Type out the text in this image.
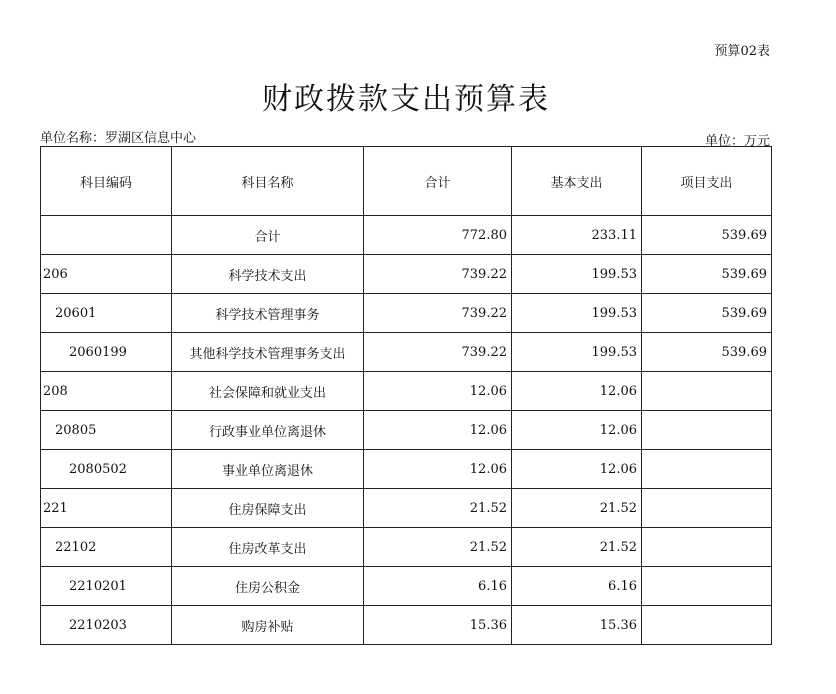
预算02表
财政拨款支出预算表
单位名称：罗湖区信息中心	单位：万元
科目编码	科目名称	合计	基本支出	项目支出
	合计	772.80	233.11	539.69
206	科学技术支出	739.22	199.53	539.69
20601	科学技术管理事务	739.22	199.53	539.69
2060199	其他科学技术管理事务支出	739.22	199.53	539.69
208	社会保障和就业支出	12.06	12.06	
20805	行政事业单位离退休	12.06	12.06	
2080502	事业单位离退休	12.06	12.06	
221	住房保障支出	21.52	21.52	
22102	住房改革支出	21.52	21.52	
2210201	住房公积金	6.16	6.16	
2210203	购房补贴	15.36	15.36	
